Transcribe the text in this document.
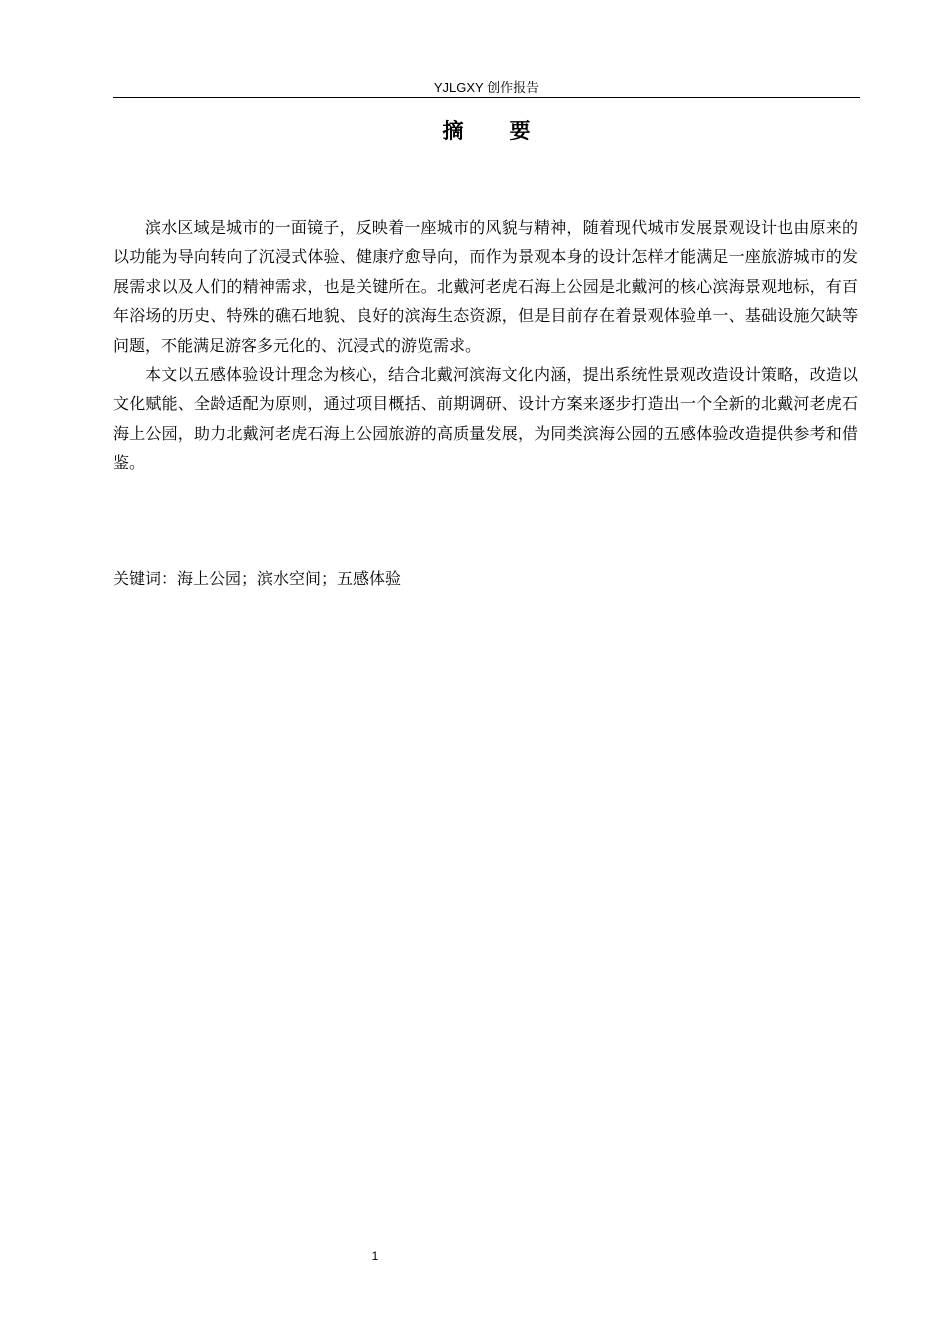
YJLGXY 创作报告
摘要

滨水区域是城市的一面镜子，反映着一座城市的风貌与精神，随着现代城市发展景观设计也由原来的以功能为导向转向了沉浸式体验、健康疗愈导向，而作为景观本身的设计怎样才能满足一座旅游城市的发展需求以及人们的精神需求，也是关键所在。北戴河老虎石海上公园是北戴河的核心滨海景观地标，有百年浴场的历史、特殊的礁石地貌、良好的滨海生态资源，但是目前存在着景观体验单一、基础设施欠缺等问题，不能满足游客多元化的、沉浸式的游览需求。

本文以五感体验设计理念为核心，结合北戴河滨海文化内涵，提出系统性景观改造设计策略，改造以文化赋能、全龄适配为原则，通过项目概括、前期调研、设计方案来逐步打造出一个全新的北戴河老虎石海上公园，助力北戴河老虎石海上公园旅游的高质量发展，为同类滨海公园的五感体验改造提供参考和借鉴。

关键词：海上公园；滨水空间；五感体验
1
